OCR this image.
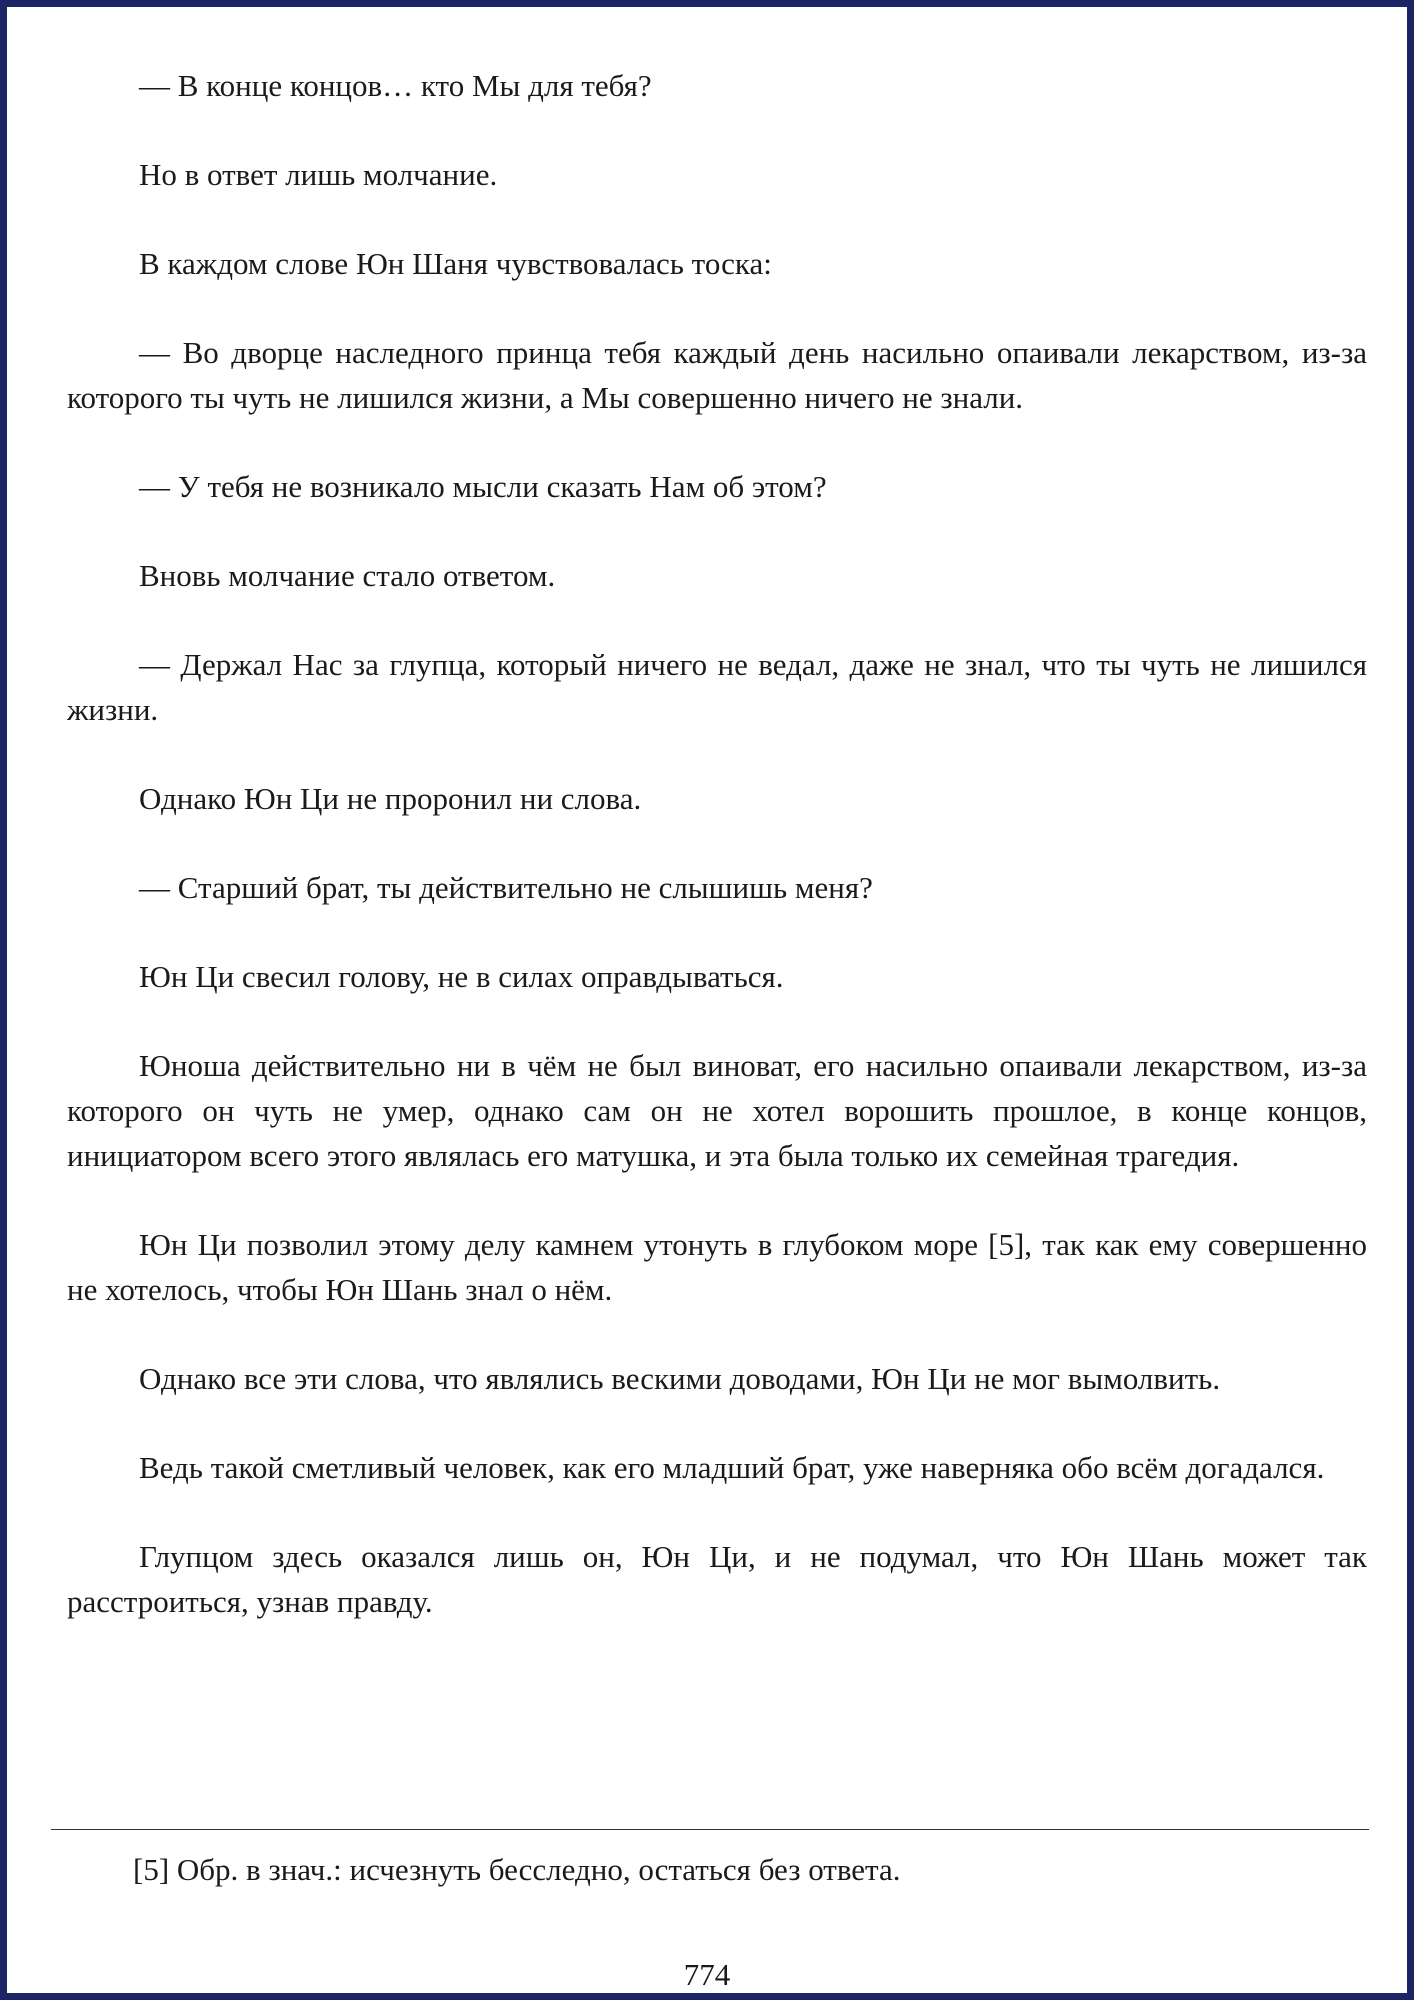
— В конце концов… кто Мы для тебя?

Но в ответ лишь молчание.

В каждом слове Юн Шаня чувствовалась тоска:

— Во дворце наследного принца тебя каждый день насильно опаивали лекарством, из-за которого ты чуть не лишился жизни, а Мы совершенно ничего не знали.

— У тебя не возникало мысли сказать Нам об этом?

Вновь молчание стало ответом.

— Держал Нас за глупца, который ничего не ведал, даже не знал, что ты чуть не лишился жизни.

Однако Юн Ци не проронил ни слова.

— Старший брат, ты действительно не слышишь меня?

Юн Ци свесил голову, не в силах оправдываться.

Юноша действительно ни в чём не был виноват, его насильно опаивали лекарством, из-за которого он чуть не умер, однако сам он не хотел ворошить прошлое, в конце концов, инициатором всего этого являлась его матушка, и эта была только их семейная трагедия.

Юн Ци позволил этому делу камнем утонуть в глубоком море [5], так как ему совершенно не хотелось, чтобы Юн Шань знал о нём.

Однако все эти слова, что являлись вескими доводами, Юн Ци не мог вымолвить.

Ведь такой сметливый человек, как его младший брат, уже наверняка обо всём догадался.

Глупцом здесь оказался лишь он, Юн Ци, и не подумал, что Юн Шань может так расстроиться, узнав правду.

[5] Обр. в знач.: исчезнуть бесследно, остаться без ответа.

774
